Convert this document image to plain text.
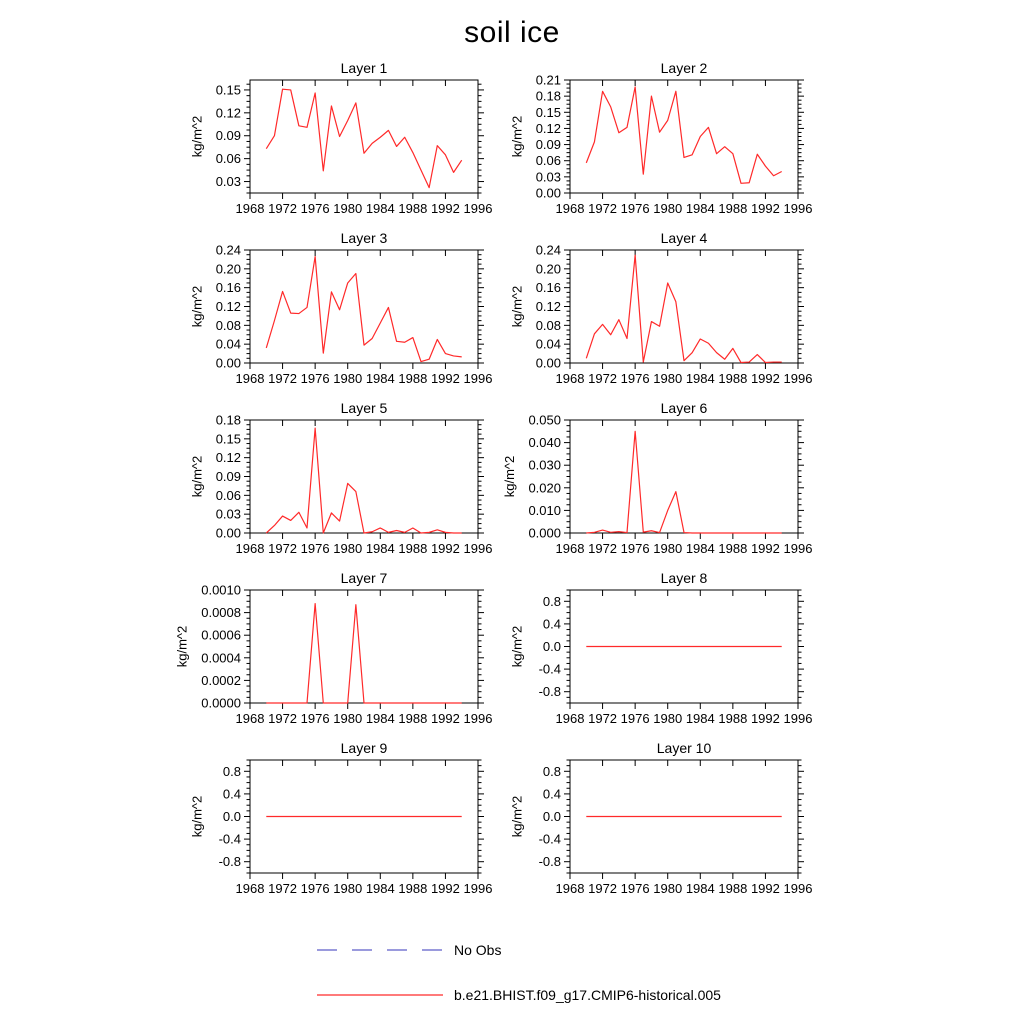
soil ice
Layer 1
1968 1972 1976 1980 1984 1988 1992 1996
0.03
0.06
0.09
0.12
0.15
kg/m^2
Layer 2
1968 1972 1976 1980 1984 1988 1992 1996
0.00
0.03
0.06
0.09
0.12
0.15
0.18
0.21
kg/m^2
Layer 3
1968 1972 1976 1980 1984 1988 1992 1996
0.00
0.04
0.08
0.12
0.16
0.20
0.24
kg/m^2
Layer 4
1968 1972 1976 1980 1984 1988 1992 1996
0.00
0.04
0.08
0.12
0.16
0.20
0.24
kg/m^2
Layer 5
1968 1972 1976 1980 1984 1988 1992 1996
0.00
0.03
0.06
0.09
0.12
0.15
0.18
kg/m^2
Layer 6
1968 1972 1976 1980 1984 1988 1992 1996
0.000
0.010
0.020
0.030
0.040
0.050
kg/m^2
Layer 7
1968 1972 1976 1980 1984 1988 1992 1996
0.0000
0.0002
0.0004
0.0006
0.0008
0.0010
kg/m^2
Layer 8
1968 1972 1976 1980 1984 1988 1992 1996
-0.8
-0.4
0.0
0.4
0.8
kg/m^2
Layer 9
1968 1972 1976 1980 1984 1988 1992 1996
-0.8
-0.4
0.0
0.4
0.8
kg/m^2
Layer 10
1968 1972 1976 1980 1984 1988 1992 1996
-0.8
-0.4
0.0
0.4
0.8
kg/m^2
No Obs
b.e21.BHIST.f09_g17.CMIP6-historical.005
